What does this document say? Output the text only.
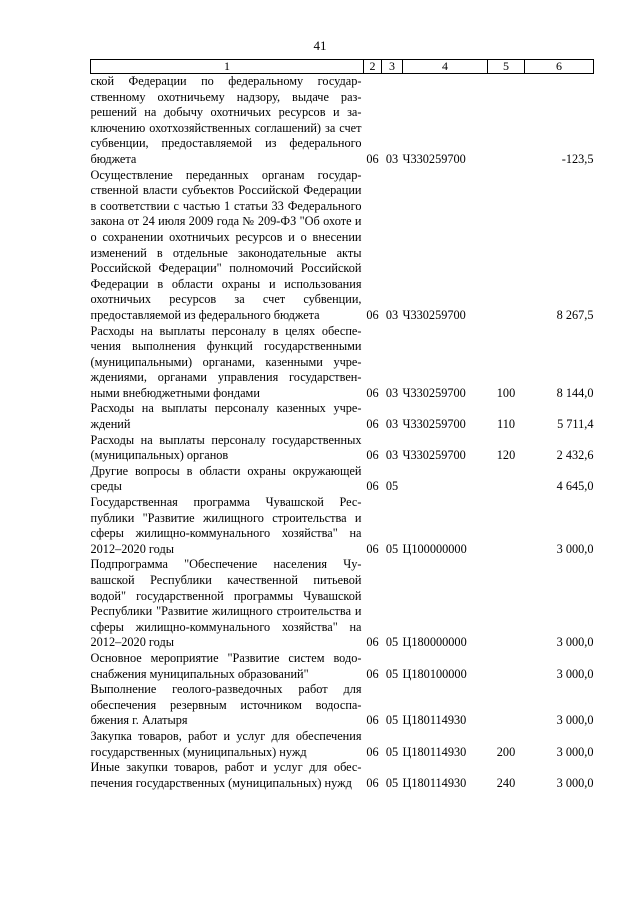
41
1	2	3	4	5	6
ской Федерации по федеральному государственному охотничьему надзору, выдаче разрешений на добычу охотничьих ресурсов и заключению охотхозяйственных соглашений) за счет субвенции, предоставляемой из федерального бюджета	06	03	Ч330259700		-123,5
Осуществление переданных органам государственной власти субъектов Российской Федерации в соответствии с частью 1 статьи 33 Федерального закона от 24 июля 2009 года № 209-ФЗ "Об охоте и о сохранении охотничьих ресурсов и о внесении изменений в отдельные законодательные акты Российской Федерации" полномочий Российской Федерации в области охраны и использования охотничьих ресурсов за счет субвенции, предоставляемой из федерального бюджета	06	03	Ч330259700		8 267,5
Расходы на выплаты персоналу в целях обеспечения выполнения функций государственными (муниципальными) органами, казенными учреждениями, органами управления государственными внебюджетными фондами	06	03	Ч330259700	100	8 144,0
Расходы на выплаты персоналу казенных учреждений	06	03	Ч330259700	110	5 711,4
Расходы на выплаты персоналу государственных (муниципальных) органов	06	03	Ч330259700	120	2 432,6
Другие вопросы в области охраны окружающей среды	06	05			4 645,0
Государственная программа Чувашской Республики "Развитие жилищного строительства и сферы жилищно-коммунального хозяйства" на 2012–2020 годы	06	05	Ц100000000		3 000,0
Подпрограмма "Обеспечение населения Чувашской Республики качественной питьевой водой" государственной программы Чувашской Республики "Развитие жилищного строительства и сферы жилищно-коммунального хозяйства" на 2012–2020 годы	06	05	Ц180000000		3 000,0
Основное мероприятие "Развитие систем водоснабжения муниципальных образований"	06	05	Ц180100000		3 000,0
Выполнение геолого-разведочных работ для обеспечения резервным источником водоспабжения г. Алатыря	06	05	Ц180114930		3 000,0
Закупка товаров, работ и услуг для обеспечения государственных (муниципальных) нужд	06	05	Ц180114930	200	3 000,0
Иные закупки товаров, работ и услуг для обеспечения государственных (муниципальных) нужд	06	05	Ц180114930	240	3 000,0
